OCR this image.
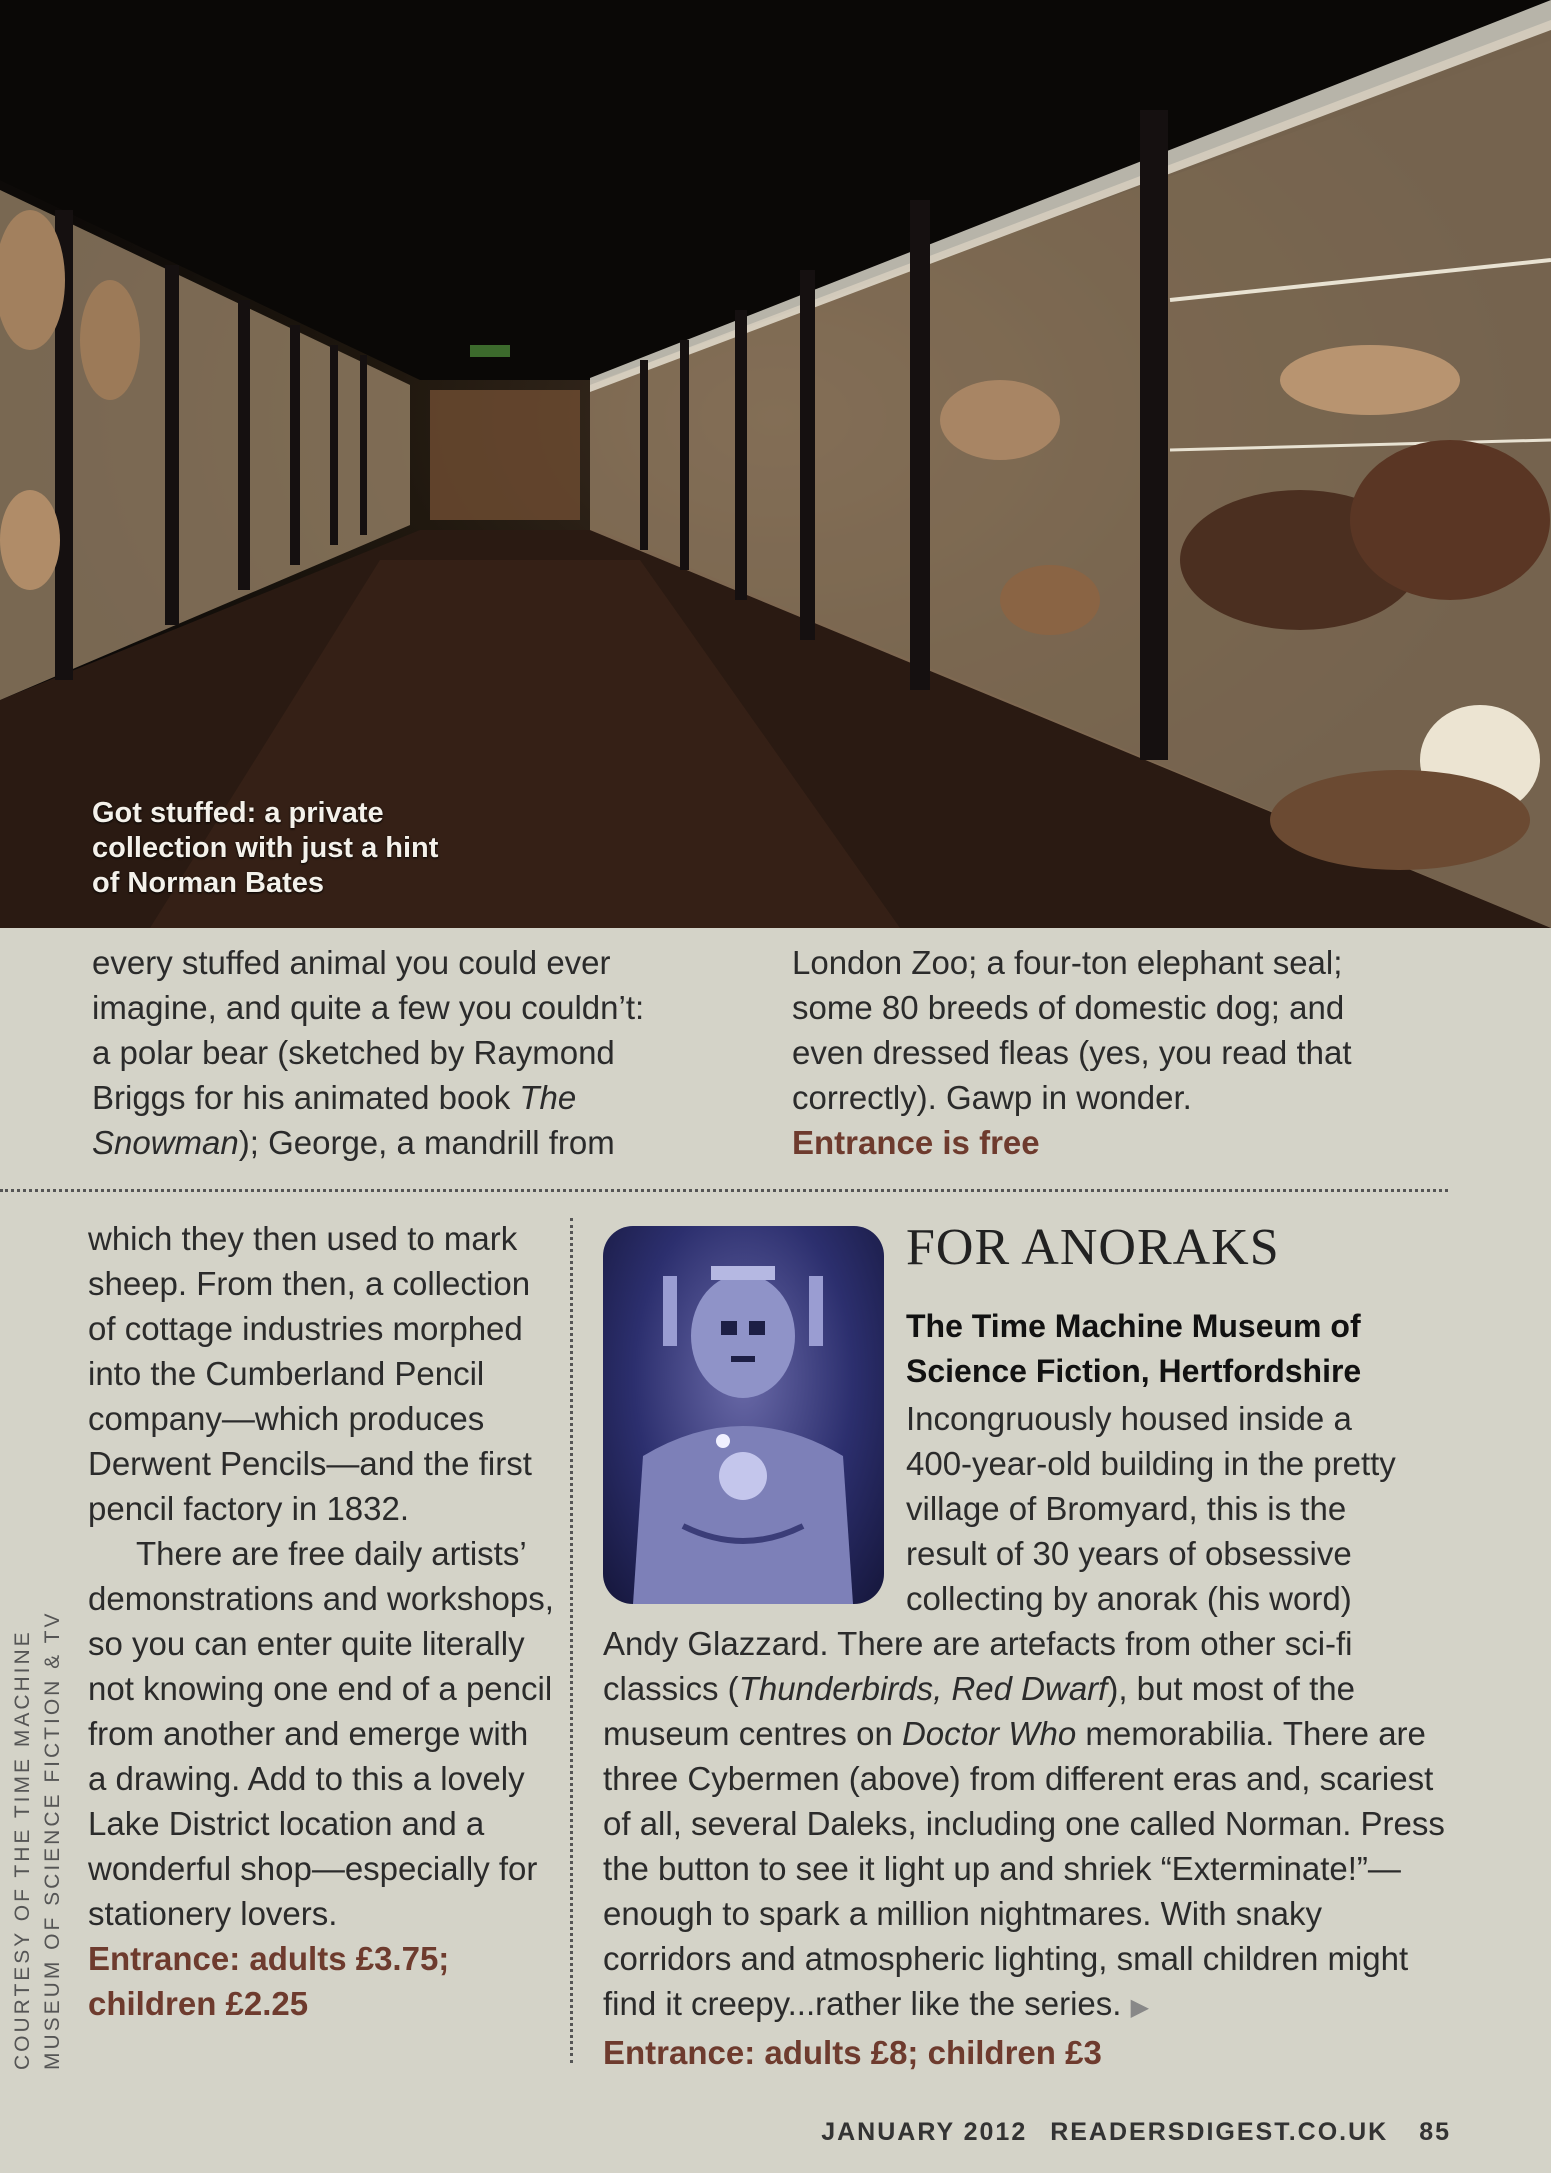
Got stuffed: a private collection with just a hint of Norman Bates
every stuffed animal you could ever
imagine, and quite a few you couldn’t:
a polar bear (sketched by Raymond
Briggs for his animated book The
Snowman); George, a mandrill from
London Zoo; a four-ton elephant seal;
some 80 breeds of domestic dog; and
even dressed fleas (yes, you read that
correctly). Gawp in wonder.
Entrance is free

which they then used to mark sheep. From then, a collection of cottage industries morphed into the Cumberland Pencil company—which produces Derwent Pencils—and the first pencil factory in 1832.

There are free daily artists’ demonstrations and workshops, so you can enter quite literally not knowing one end of a pencil from another and emerge with a drawing. Add to this a lovely Lake District location and a wonderful shop—especially for stationery lovers.

Entrance: adults £3.75;
children £2.25
FOR ANORAKS
The Time Machine Museum of Science Fiction, Hertfordshire
Incongruously housed inside a
400-year-old building in the pretty
village of Bromyard, this is the
result of 30 years of obsessive
collecting by anorak (his word)

Andy Glazzard. There are artefacts from other sci-fi classics (Thunderbirds, Red Dwarf), but most of the museum centres on Doctor Who memorabilia. There are three Cybermen (above) from different eras and, scariest of all, several Daleks, including one called Norman. Press the button to see it light up and shriek “Exterminate!”—enough to spark a million nightmares. With snaky corridors and atmospheric lighting, small children might find it creepy...rather like the series. ▶

Entrance: adults £8; children £3
COURTESY OF THE TIME MACHINE MUSEUM OF SCIENCE FICTION & TV
JANUARY 2012 READERSDIGEST.CO.UK 85
